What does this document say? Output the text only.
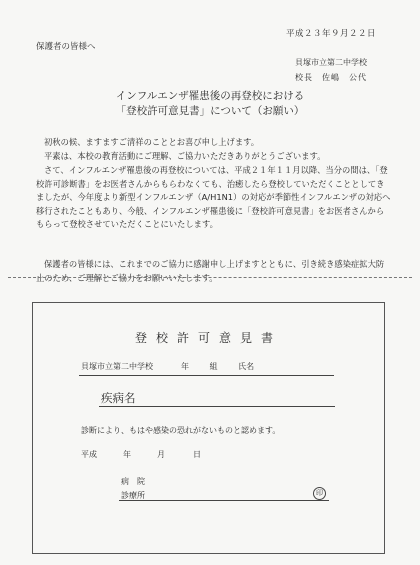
平成２３年９月２２日
保護者の皆様へ
貝塚市立第二中学校
校長　佐嶋　公代
インフルエンザ罹患後の再登校における
「登校許可意見書」について（お願い）
初秋の候、ますますご清祥のこととお喜び申し上げます。
平素は、本校の教育活動にご理解、ご協力いただきありがとうございます。
さて、インフルエンザ罹患後の再登校については、平成２１年１１月以降、当分の間は、「登校許可診断書」をお医者さんからもらわなくても、治癒したら登校していただくこととしてきましたが、今年度より新型インフルエンザ（A/H1N1）の対応が季節性インフルエンザの対応へ移行されたこともあり、今般、インフルエンザ罹患後に「登校許可意見書」をお医者さんからもらって登校させていただくことにいたします。
保護者の皆様には、これまでのご協力に感謝申し上げますとともに、引き続き感染症拡大防止のため、ご理解とご協力をお願いいたします。
登校許可意見書
貝塚市立第二中学校	年 組 氏名
疾病名
診断により、もはや感染の恐れがないものと認めます。
平成	年	月	日
病　院
診療所	印
